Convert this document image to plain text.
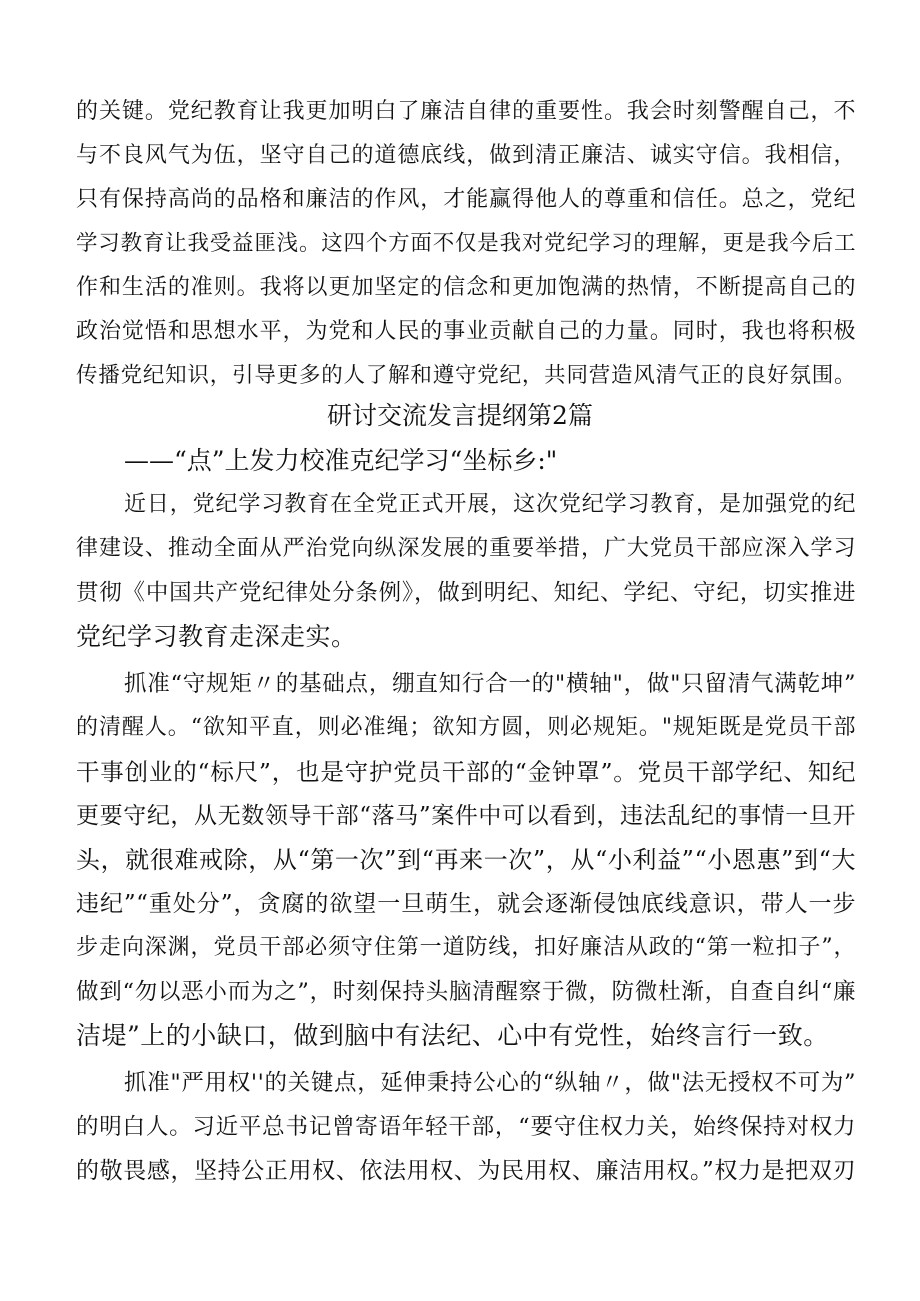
的关键。党纪教育让我更加明白了廉洁自律的重要性。我会时刻警醒自己，不
与不良风气为伍，坚守自己的道德底线，做到清正廉洁、诚实守信。我相信，
只有保持高尚的品格和廉洁的作风，才能赢得他人的尊重和信任。总之，党纪
学习教育让我受益匪浅。这四个方面不仅是我对党纪学习的理解，更是我今后工
作和生活的准则。我将以更加坚定的信念和更加饱满的热情，不断提高自己的
政治觉悟和思想水平，为党和人民的事业贡献自己的力量。同时，我也将积极
传播党纪知识，引导更多的人了解和遵守党纪，共同营造风清气正的良好氛围。
研讨交流发言提纲第2篇
——“点”上发力校准克纪学习“坐标乡:"
近日，党纪学习教育在全党正式开展，这次党纪学习教育，是加强党的纪
律建设、推动全面从严治党向纵深发展的重要举措，广大党员干部应深入学习
贯彻《中国共产党纪律处分条例》，做到明纪、知纪、学纪、守纪，切实推进
党纪学习教育走深走实。
抓准“守规矩〃的基础点，绷直知行合一的"横轴"，做"只留清气满乾坤”
的清醒人。“欲知平直，则必准绳；欲知方圆，则必规矩。"规矩既是党员干部
干事创业的“标尺”，也是守护党员干部的“金钟罩”。党员干部学纪、知纪
更要守纪，从无数领导干部“落马”案件中可以看到，违法乱纪的事情一旦开
头，就很难戒除，从“第一次”到“再来一次”，从“小利益”“小恩惠”到“大
违纪”“重处分”，贪腐的欲望一旦萌生，就会逐渐侵蚀底线意识，带人一步
步走向深渊，党员干部必须守住第一道防线，扣好廉洁从政的“第一粒扣子”，
做到“勿以恶小而为之”，时刻保持头脑清醒察于微，防微杜渐，自查自纠“廉
洁堤”上的小缺口，做到脑中有法纪、心中有党性，始终言行一致。
抓准"严用权''的关键点，延伸秉持公心的“纵轴〃，做"法无授权不可为”
的明白人。习近平总书记曾寄语年轻干部，“要守住权力关，始终保持对权力
的敬畏感，坚持公正用权、依法用权、为民用权、廉洁用权。”权力是把双刃
